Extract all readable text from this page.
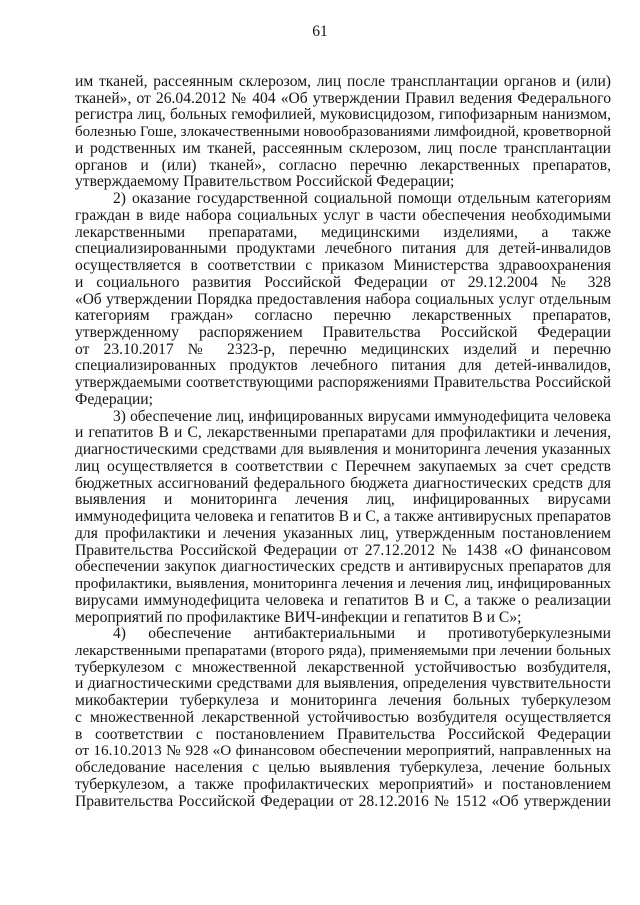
61
им тканей, рассеянным склерозом, лиц после трансплантации органов и (или)
тканей», от 26.04.2012 № 404 «Об утверждении Правил ведения Федерального
регистра лиц, больных гемофилией, муковисцидозом, гипофизарным нанизмом,
болезнью Гоше, злокачественными новообразованиями лимфоидной, кроветворной
и родственных им тканей, рассеянным склерозом, лиц после трансплантации
органов и (или) тканей», согласно перечню лекарственных препаратов,
утверждаемому Правительством Российской Федерации;
2) оказание государственной социальной помощи отдельным категориям
граждан в виде набора социальных услуг в части обеспечения необходимыми
лекарственными препаратами, медицинскими изделиями, а также
специализированными продуктами лечебного питания для детей-инвалидов
осуществляется в соответствии с приказом Министерства здравоохранения
и социального развития Российской Федерации от 29.12.2004 № 328
«Об утверждении Порядка предоставления набора социальных услуг отдельным
категориям граждан» согласно перечню лекарственных препаратов,
утвержденному распоряжением Правительства Российской Федерации
от 23.10.2017 № 2323-р, перечню медицинских изделий и перечню
специализированных продуктов лечебного питания для детей-инвалидов,
утверждаемыми соответствующими распоряжениями Правительства Российской
Федерации;
3) обеспечение лиц, инфицированных вирусами иммунодефицита человека
и гепатитов В и С, лекарственными препаратами для профилактики и лечения,
диагностическими средствами для выявления и мониторинга лечения указанных
лиц осуществляется в соответствии с Перечнем закупаемых за счет средств
бюджетных ассигнований федерального бюджета диагностических средств для
выявления и мониторинга лечения лиц, инфицированных вирусами
иммунодефицита человека и гепатитов В и С, а также антивирусных препаратов
для профилактики и лечения указанных лиц, утвержденным постановлением
Правительства Российской Федерации от 27.12.2012 № 1438 «О финансовом
обеспечении закупок диагностических средств и антивирусных препаратов для
профилактики, выявления, мониторинга лечения и лечения лиц, инфицированных
вирусами иммунодефицита человека и гепатитов В и С, а также о реализации
мероприятий по профилактике ВИЧ-инфекции и гепатитов В и С»;
4) обеспечение антибактериальными и противотуберкулезными
лекарственными препаратами (второго ряда), применяемыми при лечении больных
туберкулезом с множественной лекарственной устойчивостью возбудителя,
и диагностическими средствами для выявления, определения чувствительности
микобактерии туберкулеза и мониторинга лечения больных туберкулезом
с множественной лекарственной устойчивостью возбудителя осуществляется
в соответствии с постановлением Правительства Российской Федерации
от 16.10.2013 № 928 «О финансовом обеспечении мероприятий, направленных на
обследование населения с целью выявления туберкулеза, лечение больных
туберкулезом, а также профилактических мероприятий» и постановлением
Правительства Российской Федерации от 28.12.2016 № 1512 «Об утверждении
